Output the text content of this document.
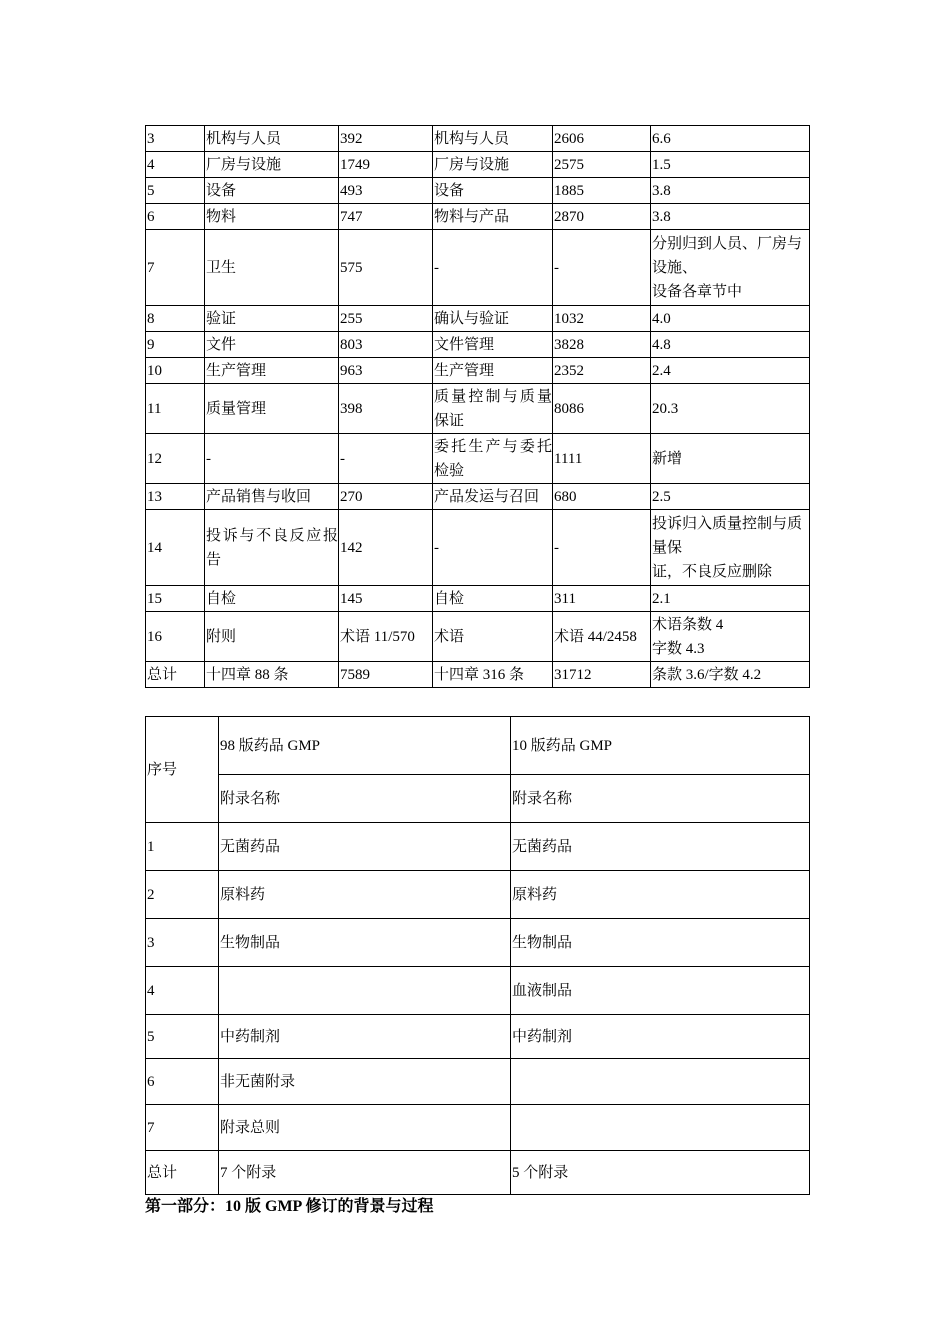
3	机构与人员	392	机构与人员	2606	6.6
4	厂房与设施	1749	厂房与设施	2575	1.5
5	设备	493	设备	1885	3.8
6	物料	747	物料与产品	2870	3.8
7	卫生	575	-	-	分别归到人员、厂房与设施、
设备各章节中
8	验证	255	确认与验证	1032	4.0
9	文件	803	文件管理	3828	4.8
10	生产管理	963	生产管理	2352	2.4
11	质量管理	398	质量控制与质量保证	8086	20.3
12	-	-	委托生产与委托检验	1111	新增
13	产品销售与收回	270	产品发运与召回	680	2.5
14	投诉与不良反应报告	142	-	-	投诉归入质量控制与质量保
证，不良反应删除
15	自检	145	自检	311	2.1
16	附则	术语 11/570	术语	术语 44/2458	术语条数 4
字数 4.3
总计	十四章 88 条	7589	十四章 316 条	31712	条款 3.6/字数 4.2
序号	98 版药品 GMP	10 版药品 GMP
	附录名称	附录名称
1	无菌药品	无菌药品
2	原料药	原料药
3	生物制品	生物制品
4		血液制品
5	中药制剂	中药制剂
6	非无菌附录	
7	附录总则	
总计	7 个附录	5 个附录

第一部分：10 版 GMP 修订的背景与过程
